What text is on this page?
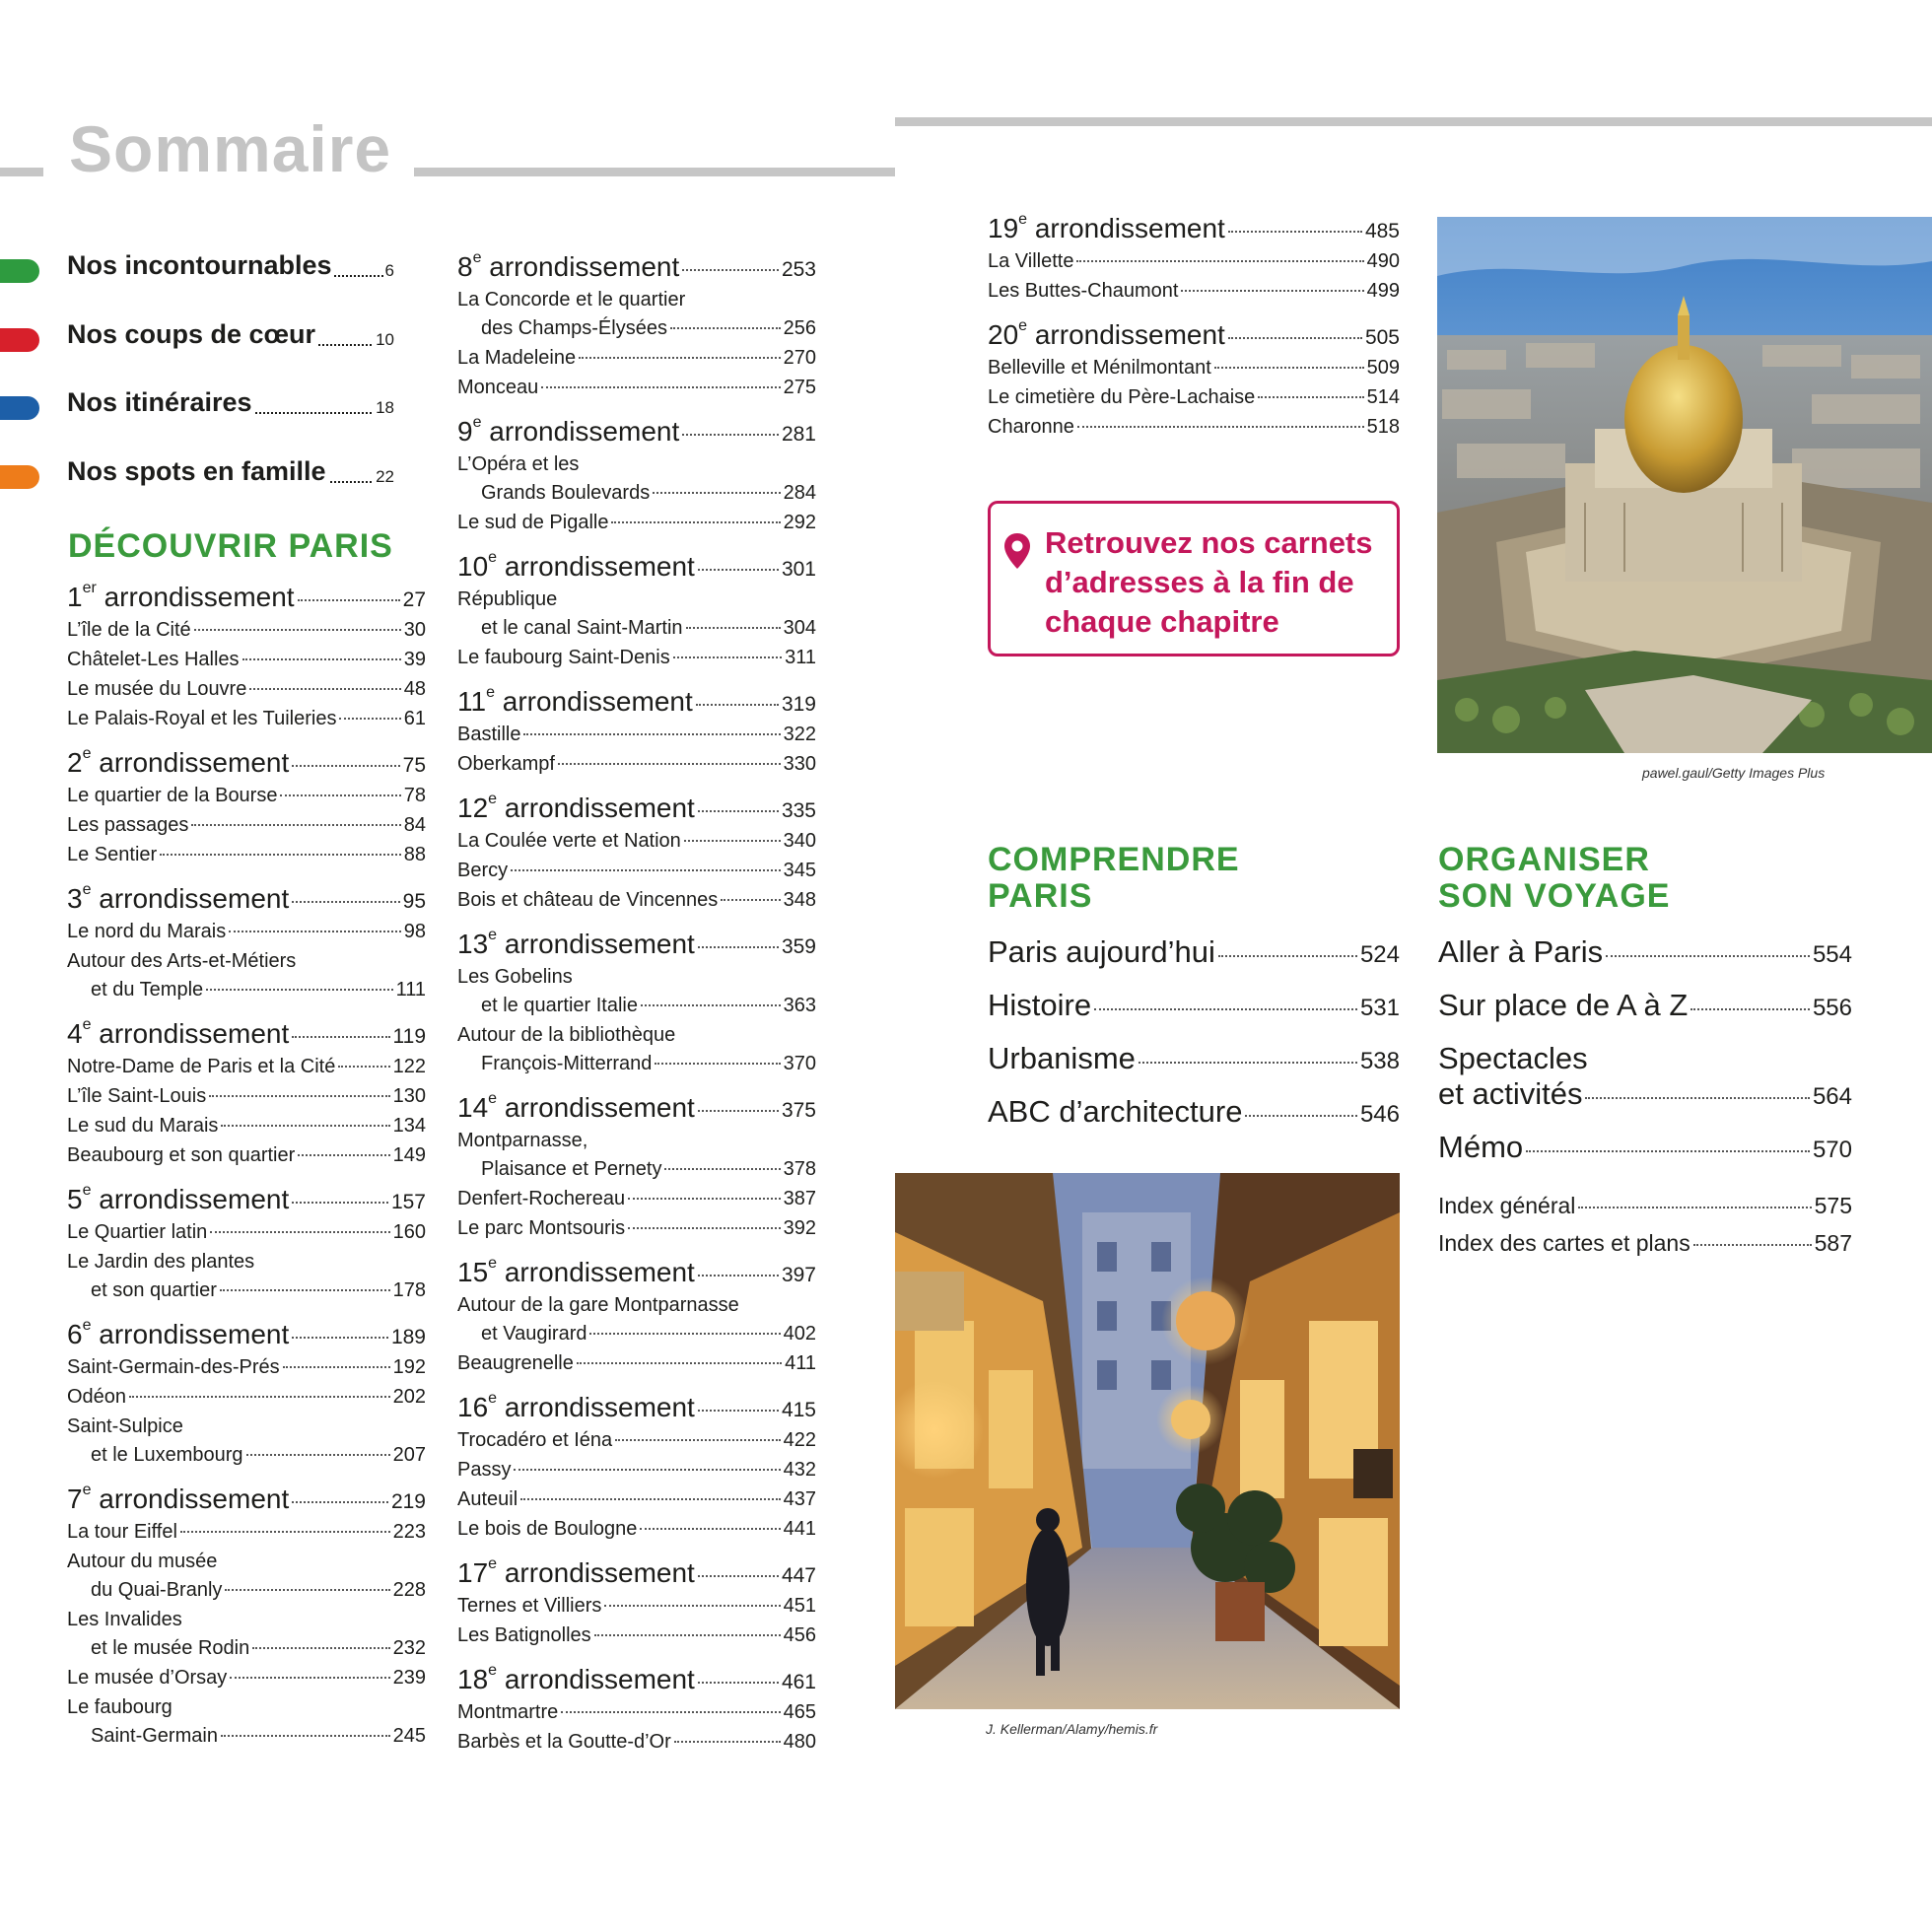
Sommaire
Nos incontournables	6
Nos coups de cœur	10
Nos itinéraires	18
Nos spots en famille	22
DÉCOUVRIR PARIS
1er arrondissement	27
L’île de la Cité	30
Châtelet-Les Halles	39
Le musée du Louvre	48
Le Palais-Royal et les Tuileries	61
2e arrondissement	75
Le quartier de la Bourse	78
Les passages	84
Le Sentier	88
3e arrondissement	95
Le nord du Marais	98
Autour des Arts-et-Métiers
et du Temple	111
4e arrondissement	119
Notre-Dame de Paris et la Cité	122
L’île Saint-Louis	130
Le sud du Marais	134
Beaubourg et son quartier	149
5e arrondissement	157
Le Quartier latin	160
Le Jardin des plantes
et son quartier	178
6e arrondissement	189
Saint-Germain-des-Prés	192
Odéon	202
Saint-Sulpice
et le Luxembourg	207
7e arrondissement	219
La tour Eiffel	223
Autour du musée
du Quai-Branly	228
Les Invalides
et le musée Rodin	232
Le musée d’Orsay	239
Le faubourg
Saint-Germain	245
8e arrondissement	253
La Concorde et le quartier
des Champs-Élysées	256
La Madeleine	270
Monceau	275
9e arrondissement	281
L’Opéra et les
Grands Boulevards	284
Le sud de Pigalle	292
10e arrondissement	301
République
et le canal Saint-Martin	304
Le faubourg Saint-Denis	311
11e arrondissement	319
Bastille	322
Oberkampf	330
12e arrondissement	335
La Coulée verte et Nation	340
Bercy	345
Bois et château de Vincennes	348
13e arrondissement	359
Les Gobelins
et le quartier Italie	363
Autour de la bibliothèque
François-Mitterrand	370
14e arrondissement	375
Montparnasse,
Plaisance et Pernety	378
Denfert-Rochereau	387
Le parc Montsouris	392
15e arrondissement	397
Autour de la gare Montparnasse
et Vaugirard	402
Beaugrenelle	411
16e arrondissement	415
Trocadéro et Iéna	422
Passy	432
Auteuil	437
Le bois de Boulogne	441
17e arrondissement	447
Ternes et Villiers	451
Les Batignolles	456
18e arrondissement	461
Montmartre	465
Barbès et la Goutte-d’Or	480
19e arrondissement	485
La Villette	490
Les Buttes-Chaumont	499
20e arrondissement	505
Belleville et Ménilmontant	509
Le cimetière du Père-Lachaise	514
Charonne	518
Retrouvez nos carnets d’adresses à la fin de chaque chapitre
pawel.gaul/Getty Images Plus
COMPRENDRE
PARIS
Paris aujourd’hui	524
Histoire	531
Urbanisme	538
ABC d’architecture	546
ORGANISER
SON VOYAGE
Aller à Paris	554
Sur place de A à Z	556
Spectacles
et activités	564
Mémo	570
Index général	575
Index des cartes et plans	587
J. Kellerman/Alamy/hemis.fr
